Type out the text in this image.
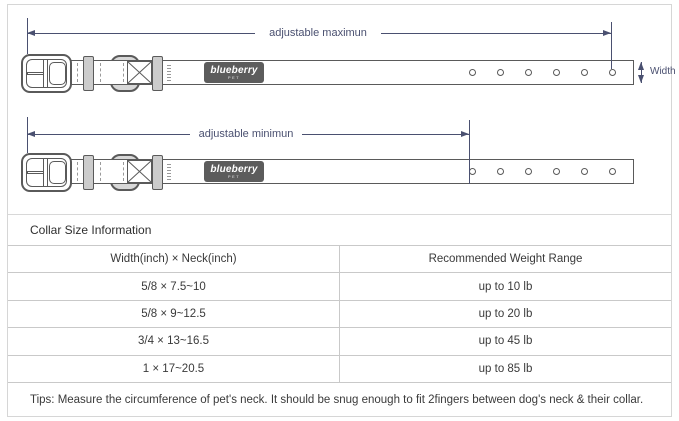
blueberry
PET
adjustable maximun
Width
blueberry
PET
adjustable minimun
Collar Size Information
Width(inch) × Neck(inch)	Recommended Weight Range
5/8 × 7.5~10	up to 10 lb
5/8 × 9~12.5	up to 20 lb
3/4 × 13~16.5	up to 45 lb
1 × 17~20.5	up to 85 lb
Tips: Measure the circumference of pet's neck. It should be snug enough to fit 2fingers between dog's neck & their collar.
